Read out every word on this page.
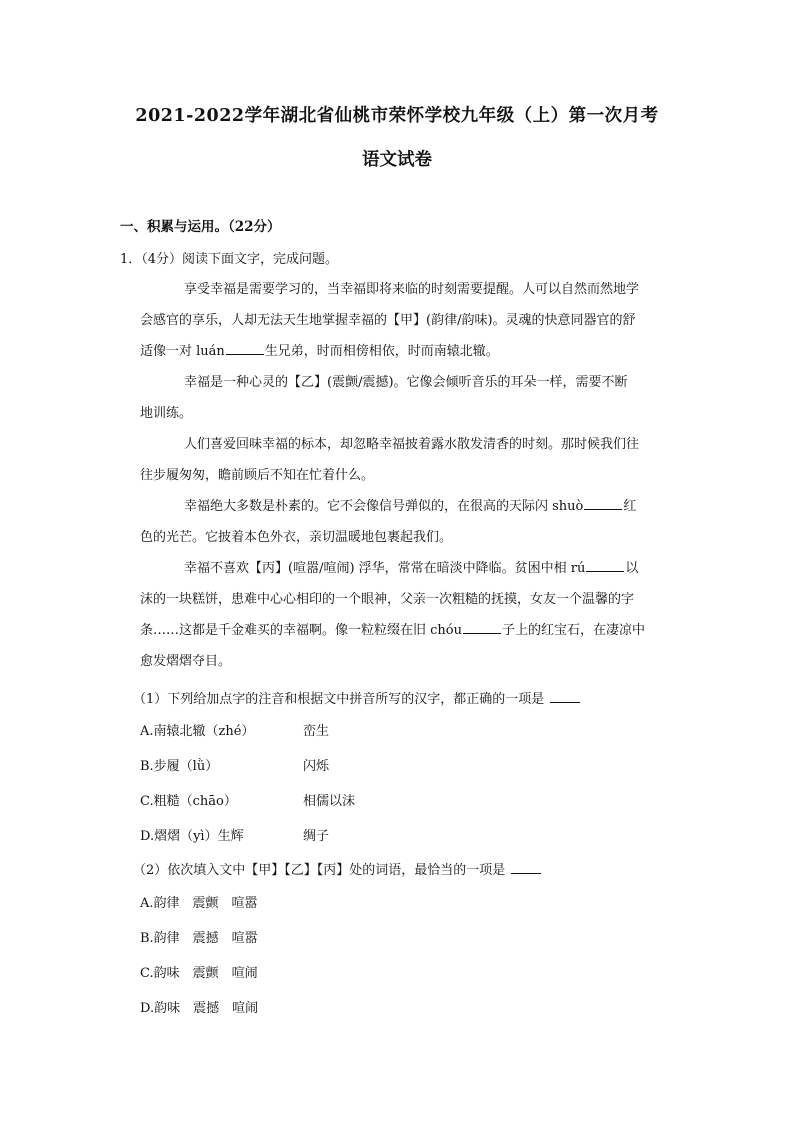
2021-2022学年湖北省仙桃市荣怀学校九年级（上）第一次月考
语文试卷
一、积累与运用。（22分）
1．（4分）阅读下面文字，完成问题。
享受幸福是需要学习的，当幸福即将来临的时刻需要提醒。人可以自然而然地学
会感官的享乐，人却无法天生地掌握幸福的【甲】(韵律/韵味)。灵魂的快意同器官的舒
适像一对 luán	生兄弟，时而相傍相依，时而南辕北辙。
幸福是一种心灵的【乙】(震颤/震撼)。它像会倾听音乐的耳朵一样，需要不断
地训练。
人们喜爱回味幸福的标本，却忽略幸福披着露水散发清香的时刻。那时候我们往
往步履匆匆，瞻前顾后不知在忙着什么。
幸福绝大多数是朴素的。它不会像信号弹似的，在很高的天际闪 shuò	红
色的光芒。它披着本色外衣，亲切温暖地包裹起我们。
幸福不喜欢【丙】(喧嚣/喧闹) 浮华，常常在暗淡中降临。贫困中相 rú	以
沫的一块糕饼，患难中心心相印的一个眼神，父亲一次粗糙的抚摸，女友一个温馨的字
条……这都是千金难买的幸福啊。像一粒粒缀在旧 chóu	子上的红宝石，在凄凉中
愈发熠熠夺目。
（1）下列给加点字的注音和根据文中拼音所写的汉字，都正确的一项是
A.南辕北辙（zhé）	峦生
B.步履（lǜ）	闪烁
C.粗糙（chāo）	相儒以沫
D.熠熠（yì）生辉	绸子
（2）依次填入文中【甲】【乙】【丙】处的词语，最恰当的一项是
A.韵律　震颤　喧嚣
B.韵律　震撼　喧嚣
C.韵味　震颤　喧闹
D.韵味　震撼　喧闹
